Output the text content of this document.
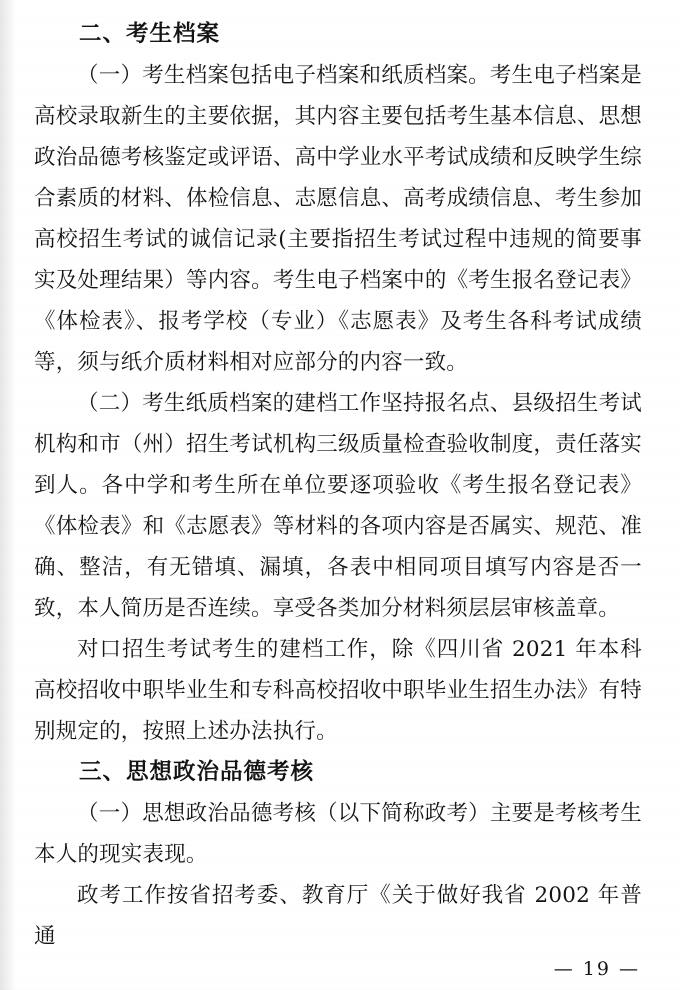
二、考生档案

（一）考生档案包括电子档案和纸质档案。考生电子档案是高校录取新生的主要依据，其内容主要包括考生基本信息、思想政治品德考核鉴定或评语、高中学业水平考试成绩和反映学生综合素质的材料、体检信息、志愿信息、高考成绩信息、考生参加高校招生考试的诚信记录(主要指招生考试过程中违规的简要事实及处理结果）等内容。考生电子档案中的《考生报名登记表》《体检表》、报考学校（专业）《志愿表》及考生各科考试成绩等，须与纸介质材料相对应部分的内容一致。

（二）考生纸质档案的建档工作坚持报名点、县级招生考试机构和市（州）招生考试机构三级质量检查验收制度，责任落实到人。各中学和考生所在单位要逐项验收《考生报名登记表》《体检表》和《志愿表》等材料的各项内容是否属实、规范、准确、整洁，有无错填、漏填，各表中相同项目填写内容是否一致，本人简历是否连续。享受各类加分材料须层层审核盖章。

对口招生考试考生的建档工作，除《四川省 2021 年本科高校招收中职毕业生和专科高校招收中职毕业生招生办法》有特别规定的，按照上述办法执行。

三、思想政治品德考核

（一）思想政治品德考核（以下简称政考）主要是考核考生本人的现实表现。

政考工作按省招考委、教育厅《关于做好我省 2002 年普通

— 19 —
